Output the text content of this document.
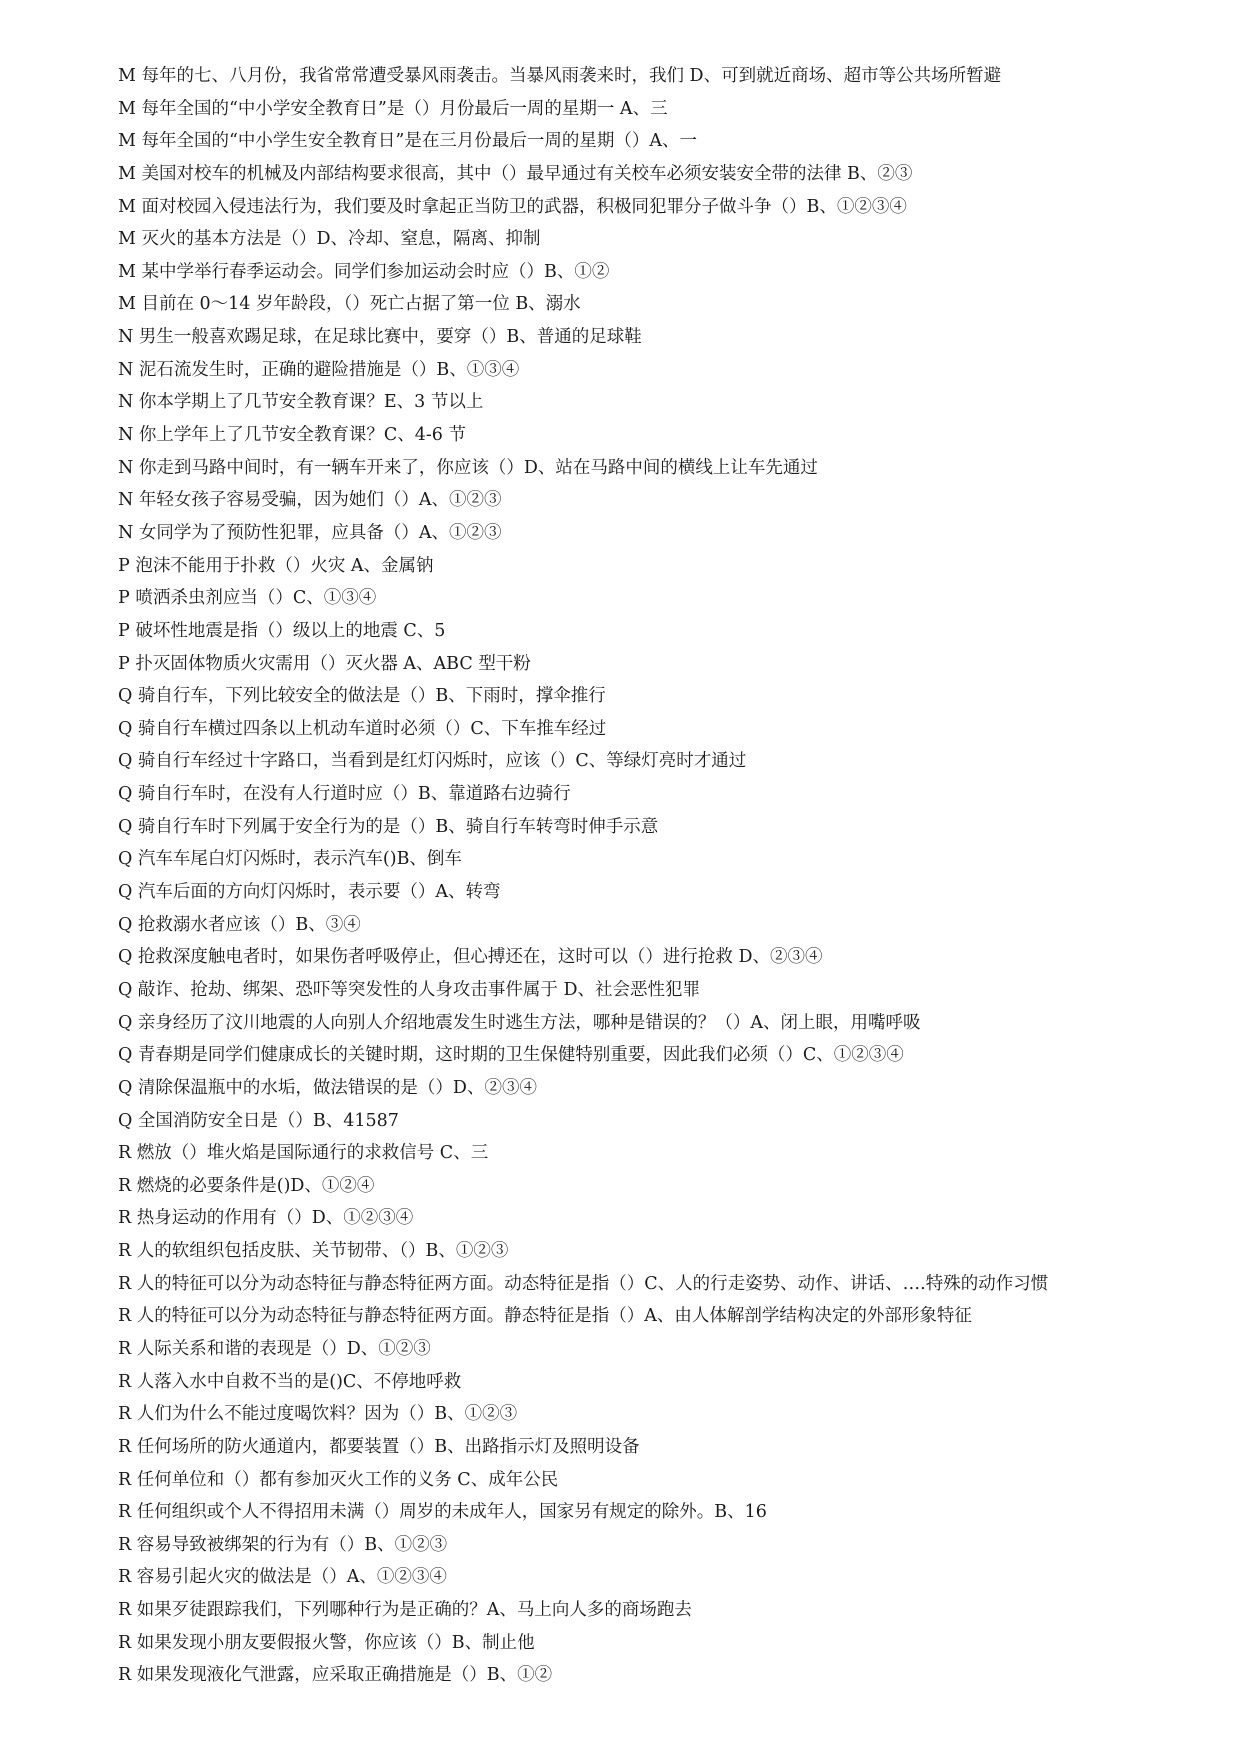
M 每年的七、八月份，我省常常遭受暴风雨袭击。当暴风雨袭来时，我们 D、可到就近商场、超市等公共场所暂避
M 每年全国的“中小学安全教育日”是（）月份最后一周的星期一 A、三
M 每年全国的“中小学生安全教育日”是在三月份最后一周的星期（）A、一
M 美国对校车的机械及内部结构要求很高，其中（）最早通过有关校车必须安装安全带的法律 B、②③
M 面对校园入侵违法行为，我们要及时拿起正当防卫的武器，积极同犯罪分子做斗争（）B、①②③④
M 灭火的基本方法是（）D、冷却、窒息，隔离、抑制
M 某中学举行春季运动会。同学们参加运动会时应（）B、①②
M 目前在 0～14 岁年龄段，（）死亡占据了第一位 B、溺水
N 男生一般喜欢踢足球，在足球比赛中，要穿（）B、普通的足球鞋
N 泥石流发生时，正确的避险措施是（）B、①③④
N 你本学期上了几节安全教育课？E、3 节以上
N 你上学年上了几节安全教育课？C、4-6 节
N 你走到马路中间时，有一辆车开来了，你应该（）D、站在马路中间的横线上让车先通过
N 年轻女孩子容易受骗，因为她们（）A、①②③
N 女同学为了预防性犯罪，应具备（）A、①②③
P 泡沫不能用于扑救（）火灾 A、金属钠
P 喷洒杀虫剂应当（）C、①③④
P 破坏性地震是指（）级以上的地震 C、5
P 扑灭固体物质火灾需用（）灭火器 A、ABC 型干粉
Q 骑自行车，下列比较安全的做法是（）B、下雨时，撑伞推行
Q 骑自行车横过四条以上机动车道时必须（）C、下车推车经过
Q 骑自行车经过十字路口，当看到是红灯闪烁时，应该（）C、等绿灯亮时才通过
Q 骑自行车时，在没有人行道时应（）B、靠道路右边骑行
Q 骑自行车时下列属于安全行为的是（）B、骑自行车转弯时伸手示意
Q 汽车车尾白灯闪烁时，表示汽车()B、倒车
Q 汽车后面的方向灯闪烁时，表示要（）A、转弯
Q 抢救溺水者应该（）B、③④
Q 抢救深度触电者时，如果伤者呼吸停止，但心搏还在，这时可以（）进行抢救 D、②③④
Q 敲诈、抢劫、绑架、恐吓等突发性的人身攻击事件属于 D、社会恶性犯罪
Q 亲身经历了汶川地震的人向别人介绍地震发生时逃生方法，哪种是错误的？（）A、闭上眼，用嘴呼吸
Q 青春期是同学们健康成长的关键时期，这时期的卫生保健特别重要，因此我们必须（）C、①②③④
Q 清除保温瓶中的水垢，做法错误的是（）D、②③④
Q 全国消防安全日是（）B、41587
R 燃放（）堆火焰是国际通行的求救信号 C、三
R 燃烧的必要条件是()D、①②④
R 热身运动的作用有（）D、①②③④
R 人的软组织包括皮肤、关节韧带、（）B、①②③
R 人的特征可以分为动态特征与静态特征两方面。动态特征是指（）C、人的行走姿势、动作、讲话、….特殊的动作习惯
R 人的特征可以分为动态特征与静态特征两方面。静态特征是指（）A、由人体解剖学结构决定的外部形象特征
R 人际关系和谐的表现是（）D、①②③
R 人落入水中自救不当的是()C、不停地呼救
R 人们为什么不能过度喝饮料？因为（）B、①②③
R 任何场所的防火通道内，都要装置（）B、出路指示灯及照明设备
R 任何单位和（）都有参加灭火工作的义务 C、成年公民
R 任何组织或个人不得招用未满（）周岁的未成年人，国家另有规定的除外。B、16
R 容易导致被绑架的行为有（）B、①②③
R 容易引起火灾的做法是（）A、①②③④
R 如果歹徒跟踪我们，下列哪种行为是正确的？A、马上向人多的商场跑去
R 如果发现小朋友要假报火警，你应该（）B、制止他
R 如果发现液化气泄露，应采取正确措施是（）B、①②
